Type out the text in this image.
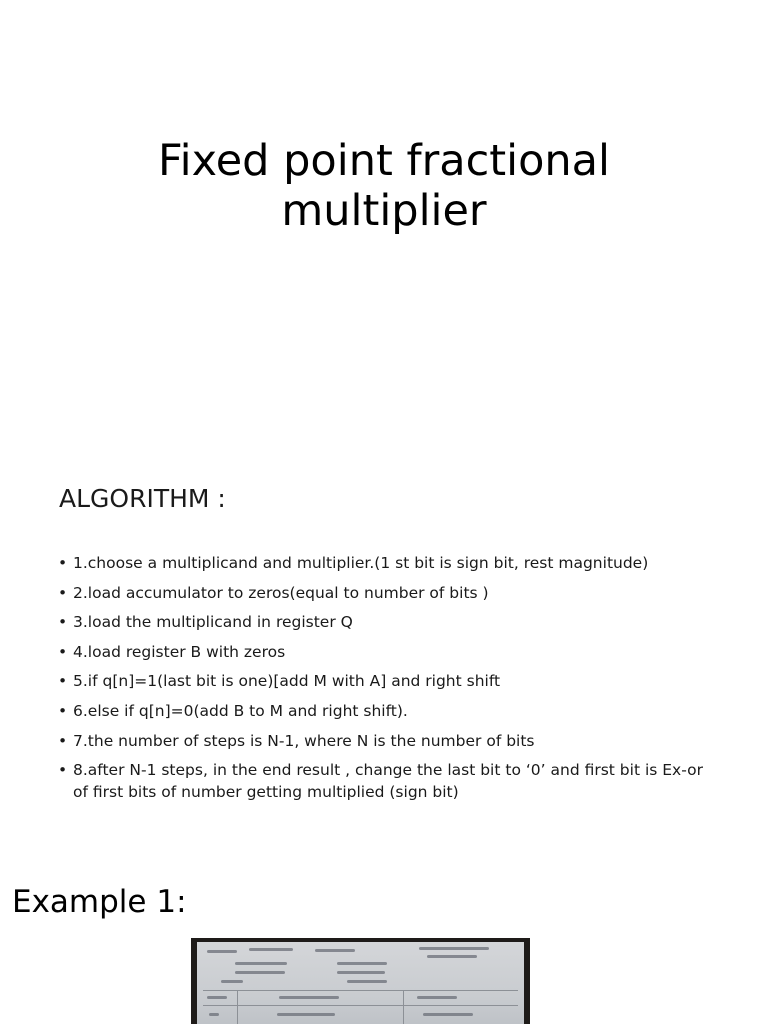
Fixed point fractional
multiplier
ALGORITHM :
• 1.choose a multiplicand and multiplier.(1 st bit is sign bit, rest magnitude)
• 2.load accumulator to zeros(equal to number of bits )
• 3.load the multiplicand in register Q
• 4.load register B with zeros
• 5.if q[n]=1(last bit is one)[add M with A] and right shift
• 6.else if q[n]=0(add B to M and right shift).
• 7.the number of steps is N-1, where N is the number of bits
• 8.after N-1 steps, in the end result , change the last bit to ‘0’ and first bit is Ex-or of first bits of number getting multiplied (sign bit)
Example 1:
